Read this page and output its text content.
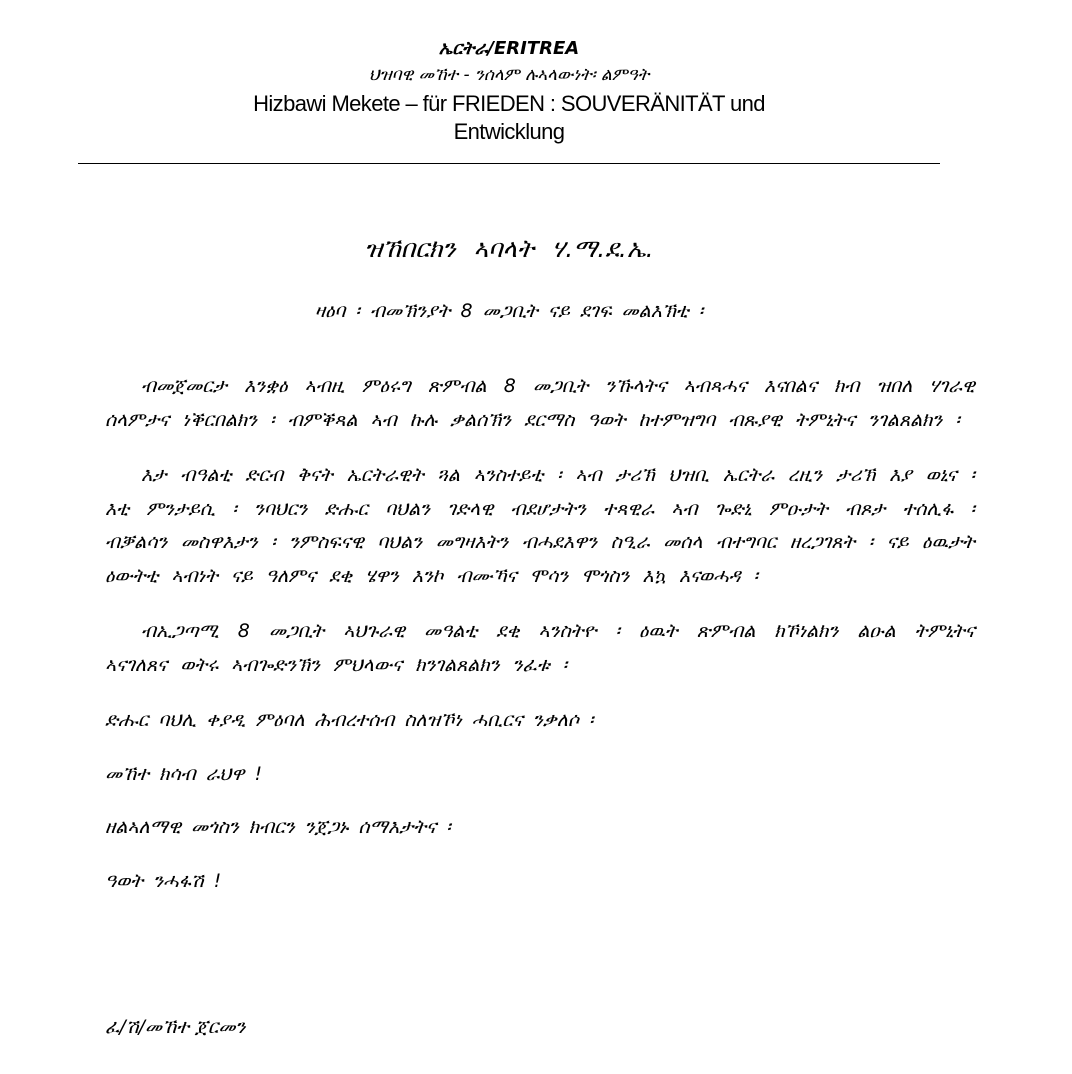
ኤርትራ/ERITREA
ህዝባዊ መኸተ - ንሰላም ሉኣላውነት፡ ልምዓት
Hizbawi Mekete – für FRIEDEN : SOUVERÄNITÄT und
Entwicklung
ዝኸበርክን ኣባላት ሃ.ማ.ደ.ኤ.
ዛዕባ ፡ ብመኽንያት 8 መጋቢት ናይ ደገፍ መልእኽቲ ፡

ብመጀመርታ እንቋዕ ኣብዚ ምዕሩግ ጽምብል 8 መጋቢት ንኹላትና ኣብጻሓና እናበልና ክብ ዝበለ ሃገራዊ ሰላምታና ነቕርበልክን ፡ ብምቕጻል ኣብ ኩሉ ቃልሰኽን ደርማስ ዓወት ከተምዝግባ ብጹያዊ ትምኒትና ንገልጸልክን ፡

እታ ብዓልቲ ድርብ ቅናት ኤርትራዊት ጓል ኣንስተይቲ ፡ ኣብ ታሪኽ ህዝቢ ኤርትራ ረዚን ታሪኽ እያ ወኒና ፡ እቲ ምንታይሲ ፡ ንባህርን ድሑር ባህልን ገድላዊ ብደሆታትን ተጻዊራ ኣብ ጐድኒ ምዑታት ብጾታ ተሰሊፋ ፡ ብቓልሳን መስዋእታን ፡ ንምስፍናዊ ባህልን መግዛእትን ብሓደእዋን ስዒራ መሰላ ብተግባር ዘረጋገጸት ፡ ናይ ዕዉታት ዕውትቲ ኣብነት ናይ ዓለምና ደቂ ሄዋን እንኮ ብሙኻና ሞሳን ሞጎስን እኳ እናወሓዳ ፡

ብኢጋጣሚ 8 መጋቢት ኣህጉራዊ መዓልቲ ደቂ ኣንስትዮ ፡ ዕዉት ጽምብል ክኾነልክን ልዑል ትምኒትና ኣናገለጸና ወትሩ ኣብጐድንኽን ምህላውና ክንገልጸልክን ንፈቱ ፡

ድሑር ባህሊ ቀያዲ ምዕባለ ሕብረተሰብ ስለዝኾነ ሓቢርና ንቃለሶ ፡

መኸተ ክሳብ ራህዋ !

ዘልኣለማዊ መጎስን ክብርን ንጀጋኑ ሰማእታትና ፡

ዓወት ንሓፋሽ !

ፈ/ሽ/መኸተ ጀርመን
